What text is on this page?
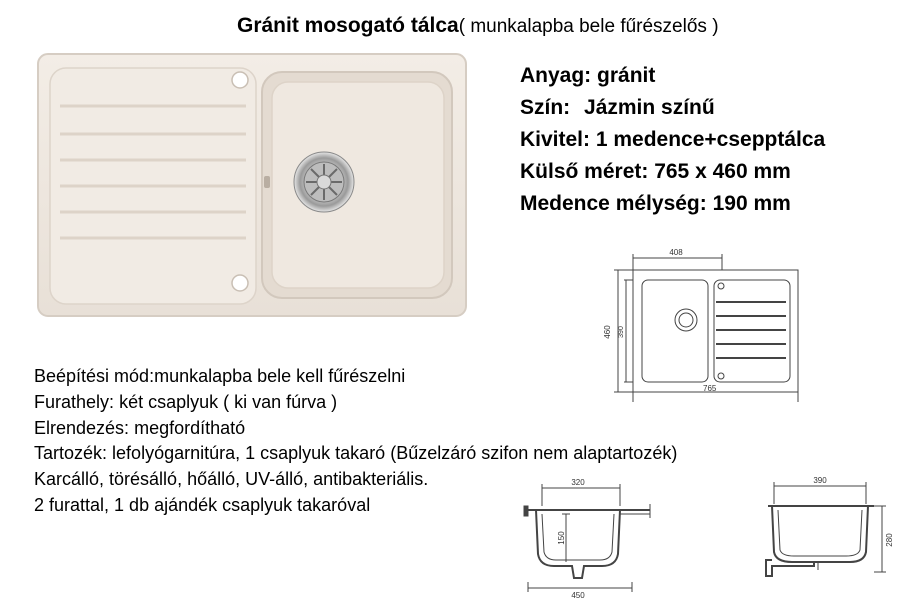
Gránit mosogató tálca( munkalapba bele fűrészelős )
Anyag: gránit
Szín: Jázmin színű
Kivitel: 1 medence+csepptálca
Külső méret: 765 x 460 mm
Medence mélység: 190 mm
408
460 390
765
Beépítési mód:munkalapba bele kell fűrészelni
Furathely: két csaplyuk ( ki van fúrva )
Elrendezés: megfordítható
Tartozék: lefolyógarnitúra, 1 csaplyuk takaró (Bűzelzáró szifon nem alaptartozék)
Karcálló, törésálló, hőálló, UV-álló, antibakteriális.
2 furattal, 1 db ajándék csaplyuk takaróval
320
150
450
390
280
